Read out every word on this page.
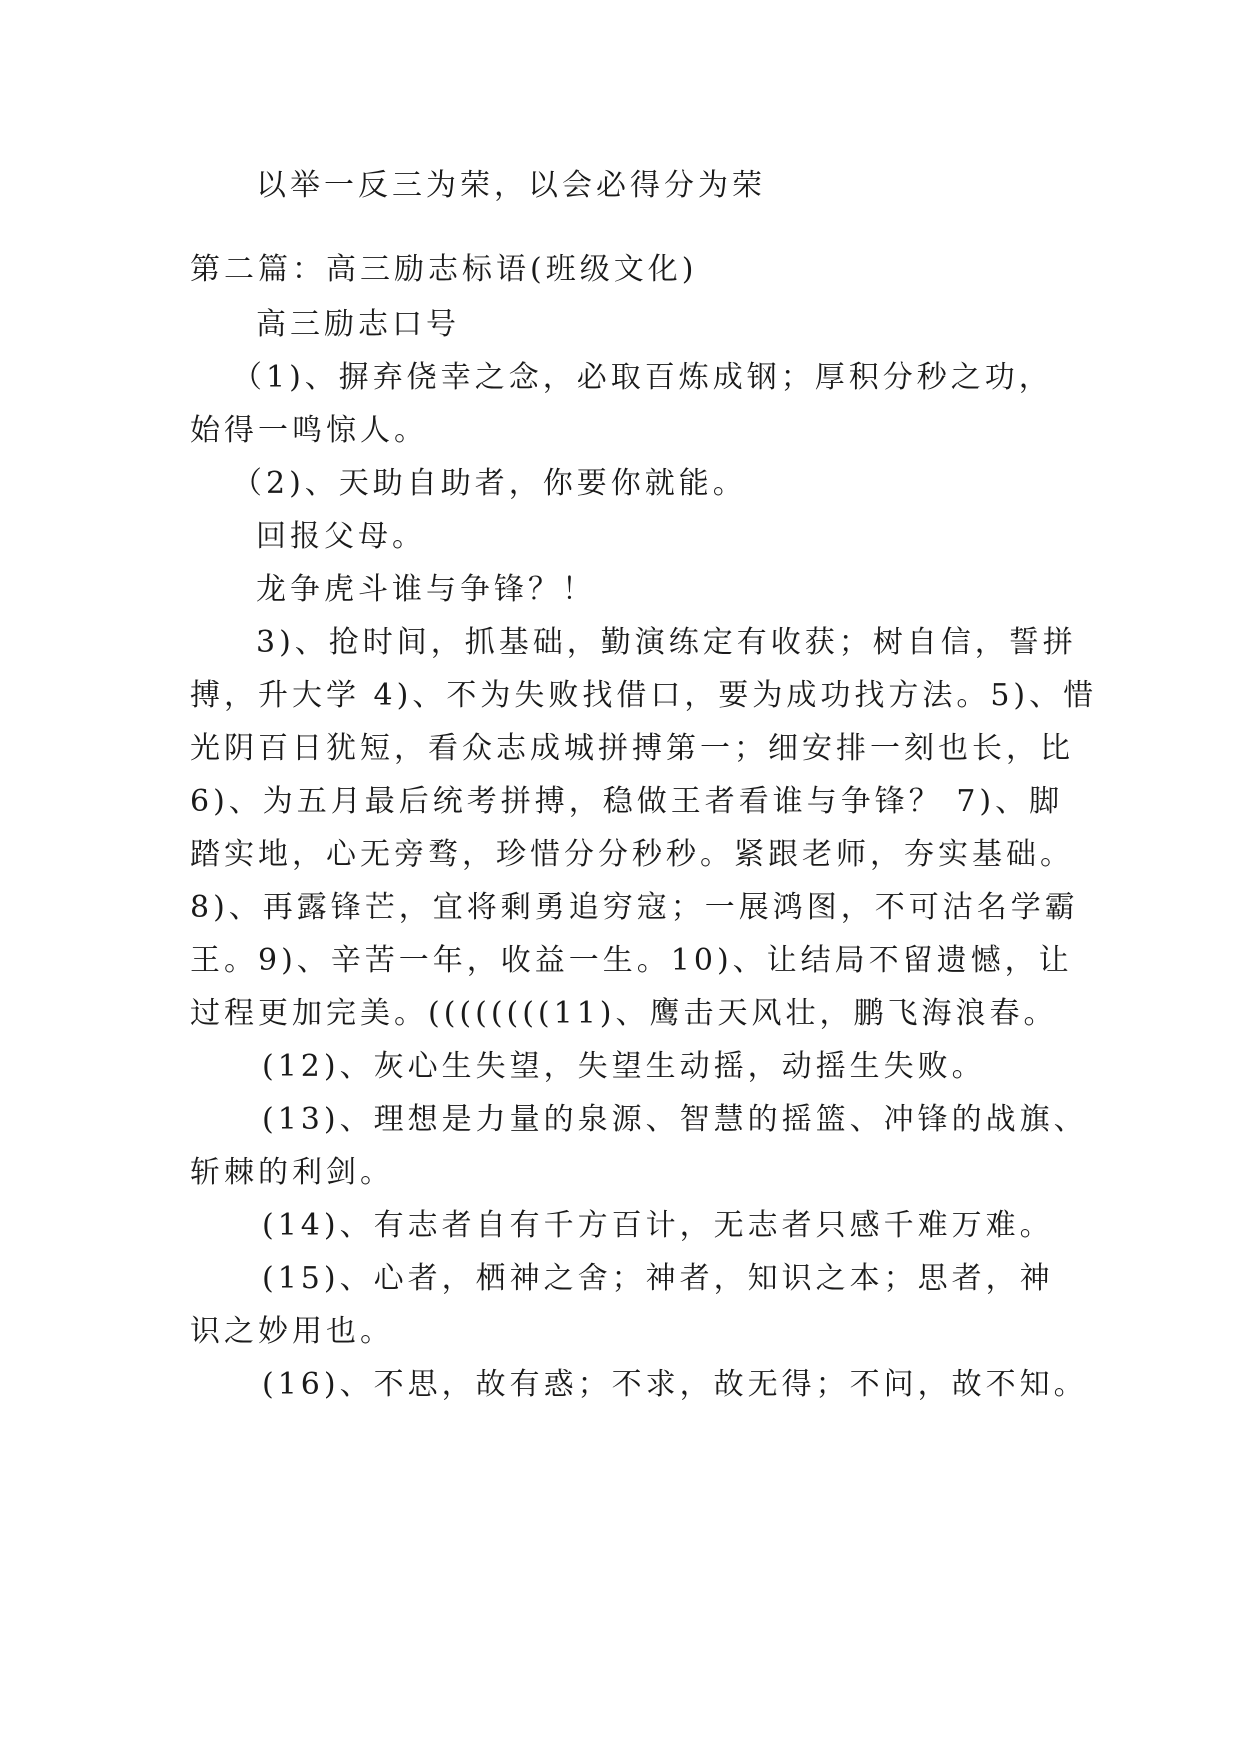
以举一反三为荣，以会必得分为荣
第二篇：高三励志标语(班级文化)
高三励志口号
（1)、摒弃侥幸之念，必取百炼成钢；厚积分秒之功，
始得一鸣惊人。
（2)、天助自助者，你要你就能。
回报父母。
龙争虎斗谁与争锋？！
3)、抢时间，抓基础，勤演练定有收获；树自信，誓拼
搏，升大学 4)、不为失败找借口，要为成功找方法。5)、惜
光阴百日犹短，看众志成城拼搏第一；细安排一刻也长，比
6)、为五月最后统考拼搏，稳做王者看谁与争锋？ 7)、脚
踏实地，心无旁骛，珍惜分分秒秒。紧跟老师，夯实基础。
8)、再露锋芒，宜将剩勇追穷寇；一展鸿图，不可沽名学霸
王。9)、辛苦一年，收益一生。10)、让结局不留遗憾，让
过程更加完美。((((((((11)、鹰击天风壮，鹏飞海浪春。
(12)、灰心生失望，失望生动摇，动摇生失败。
(13)、理想是力量的泉源、智慧的摇篮、冲锋的战旗、
斩棘的利剑。
(14)、有志者自有千方百计，无志者只感千难万难。
(15)、心者，栖神之舍；神者，知识之本；思者，神
识之妙用也。
(16)、不思，故有惑；不求，故无得；不问，故不知。
